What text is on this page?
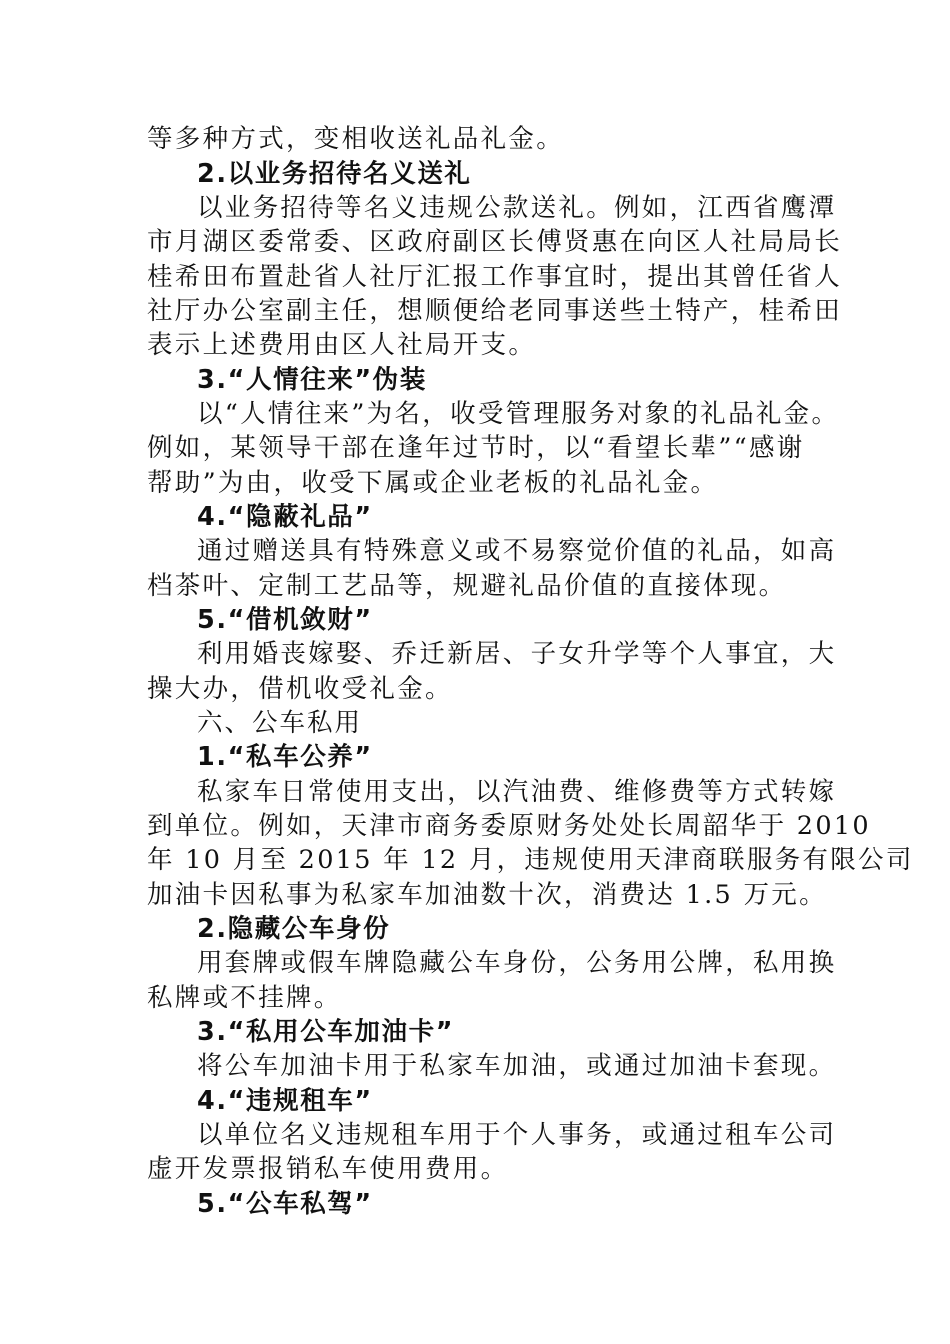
等多种方式，变相收送礼品礼金。
2.以业务招待名义送礼
以业务招待等名义违规公款送礼。例如，江西省鹰潭
市月湖区委常委、区政府副区长傅贤惠在向区人社局局长
桂希田布置赴省人社厅汇报工作事宜时，提出其曾任省人
社厅办公室副主任，想顺便给老同事送些土特产，桂希田
表示上述费用由区人社局开支。
3.“人情往来”伪装
以“人情往来”为名，收受管理服务对象的礼品礼金。
例如，某领导干部在逢年过节时，以“看望长辈”“感谢
帮助”为由，收受下属或企业老板的礼品礼金。
4.“隐蔽礼品”
通过赠送具有特殊意义或不易察觉价值的礼品，如高
档茶叶、定制工艺品等，规避礼品价值的直接体现。
5.“借机敛财”
利用婚丧嫁娶、乔迁新居、子女升学等个人事宜，大
操大办，借机收受礼金。
六、公车私用
1.“私车公养”
私家车日常使用支出，以汽油费、维修费等方式转嫁
到单位。例如，天津市商务委原财务处处长周韶华于 2010
年 10 月至 2015 年 12 月，违规使用天津商联服务有限公司
加油卡因私事为私家车加油数十次，消费达 1.5 万元。
2.隐藏公车身份
用套牌或假车牌隐藏公车身份，公务用公牌，私用换
私牌或不挂牌。
3.“私用公车加油卡”
将公车加油卡用于私家车加油，或通过加油卡套现。
4.“违规租车”
以单位名义违规租车用于个人事务，或通过租车公司
虚开发票报销私车使用费用。
5.“公车私驾”
